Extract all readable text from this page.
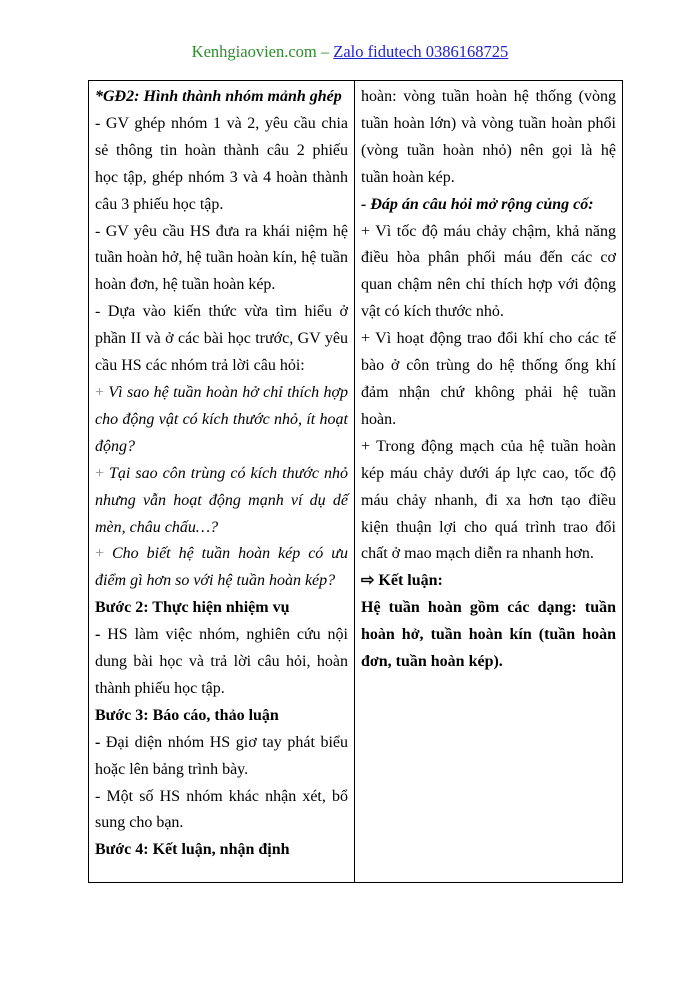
Kenhgiaovien.com – Zalo fidutech 0386168725

*GĐ2: Hình thành nhóm mảnh ghép

- GV ghép nhóm 1 và 2, yêu cầu chia sẻ thông tin hoàn thành câu 2 phiếu học tập, ghép nhóm 3 và 4 hoàn thành câu 3 phiếu học tập.

- GV yêu cầu HS đưa ra khái niệm hệ tuần hoàn hở, hệ tuần hoàn kín, hệ tuần hoàn đơn, hệ tuần hoàn kép.

- Dựa vào kiến thức vừa tìm hiểu ở phần II và ở các bài học trước, GV yêu cầu HS các nhóm trả lời câu hỏi:

+ Vì sao hệ tuần hoàn hở chỉ thích hợp cho động vật có kích thước nhỏ, ít hoạt động?

+ Tại sao côn trùng có kích thước nhỏ nhưng vẫn hoạt động mạnh ví dụ dế mèn, châu chấu…?

+ Cho biết hệ tuần hoàn kép có ưu điểm gì hơn so với hệ tuần hoàn kép?

Bước 2: Thực hiện nhiệm vụ

- HS làm việc nhóm, nghiên cứu nội dung bài học và trả lời câu hỏi, hoàn thành phiếu học tập.

Bước 3: Báo cáo, thảo luận

- Đại diện nhóm HS giơ tay phát biểu hoặc lên bảng trình bày.

- Một số HS nhóm khác nhận xét, bổ sung cho bạn.

Bước 4: Kết luận, nhận định

hoàn: vòng tuần hoàn hệ thống (vòng tuần hoàn lớn) và vòng tuần hoàn phổi (vòng tuần hoàn nhỏ) nên gọi là hệ tuần hoàn kép.

- Đáp án câu hỏi mở rộng củng cố:

+ Vì tốc độ máu chảy chậm, khả năng điều hòa phân phối máu đến các cơ quan chậm nên chỉ thích hợp với động vật có kích thước nhỏ.

+ Vì hoạt động trao đổi khí cho các tế bào ở côn trùng do hệ thống ống khí đảm nhận chứ không phải hệ tuần hoàn.

+ Trong động mạch của hệ tuần hoàn kép máu chảy dưới áp lực cao, tốc độ máu chảy nhanh, đi xa hơn tạo điều kiện thuận lợi cho quá trình trao đổi chất ở mao mạch diễn ra nhanh hơn.

⇨ Kết luận:

Hệ tuần hoàn gồm các dạng: tuần hoàn hở, tuần hoàn kín (tuần hoàn đơn, tuần hoàn kép).
